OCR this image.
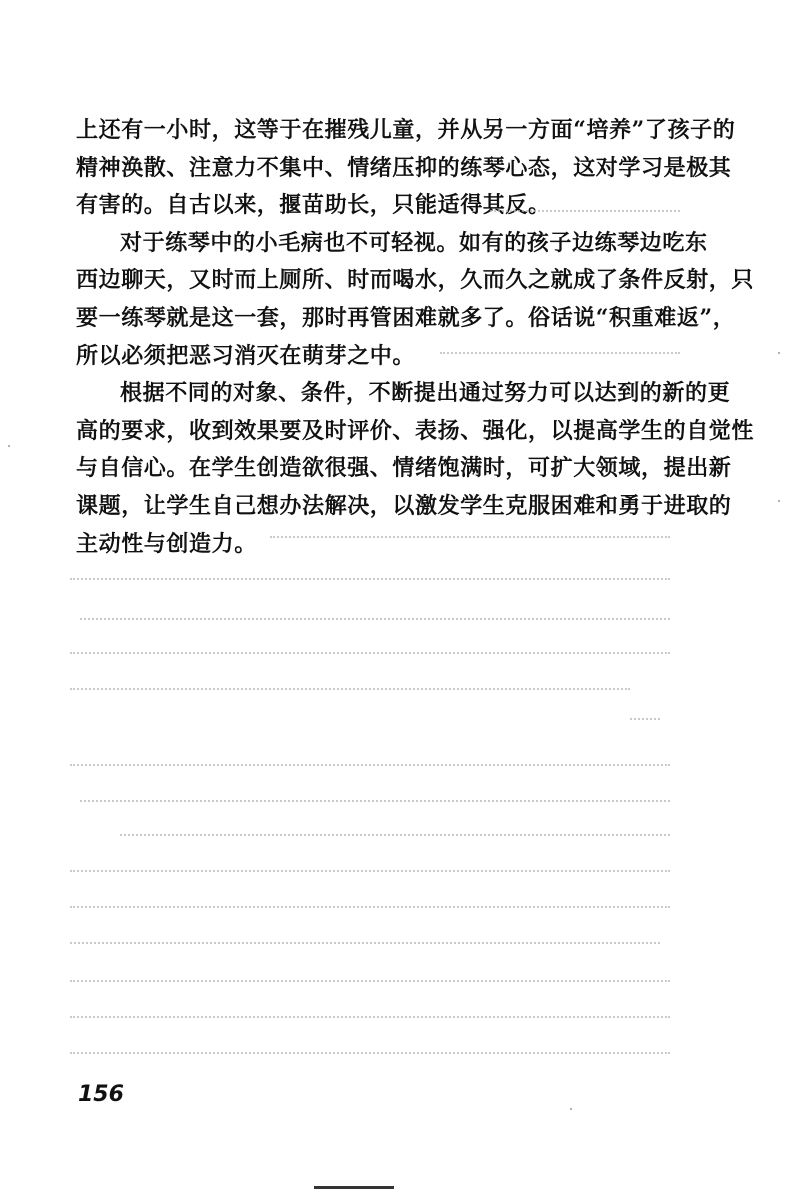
上还有一小时，这等于在摧残儿童，并从另一方面“培养”了孩子的
精神涣散、注意力不集中、情绪压抑的练琴心态，这对学习是极其
有害的。自古以来，揠苗助长，只能适得其反。
对于练琴中的小毛病也不可轻视。如有的孩子边练琴边吃东
西边聊天，又时而上厕所、时而喝水，久而久之就成了条件反射，只
要一练琴就是这一套，那时再管困难就多了。俗话说“积重难返”，
所以必须把恶习消灭在萌芽之中。
根据不同的对象、条件，不断提出通过努力可以达到的新的更
高的要求，收到效果要及时评价、表扬、强化，以提高学生的自觉性
与自信心。在学生创造欲很强、情绪饱满时，可扩大领域，提出新
课题，让学生自己想办法解决，以激发学生克服困难和勇于进取的
主动性与创造力。
156
